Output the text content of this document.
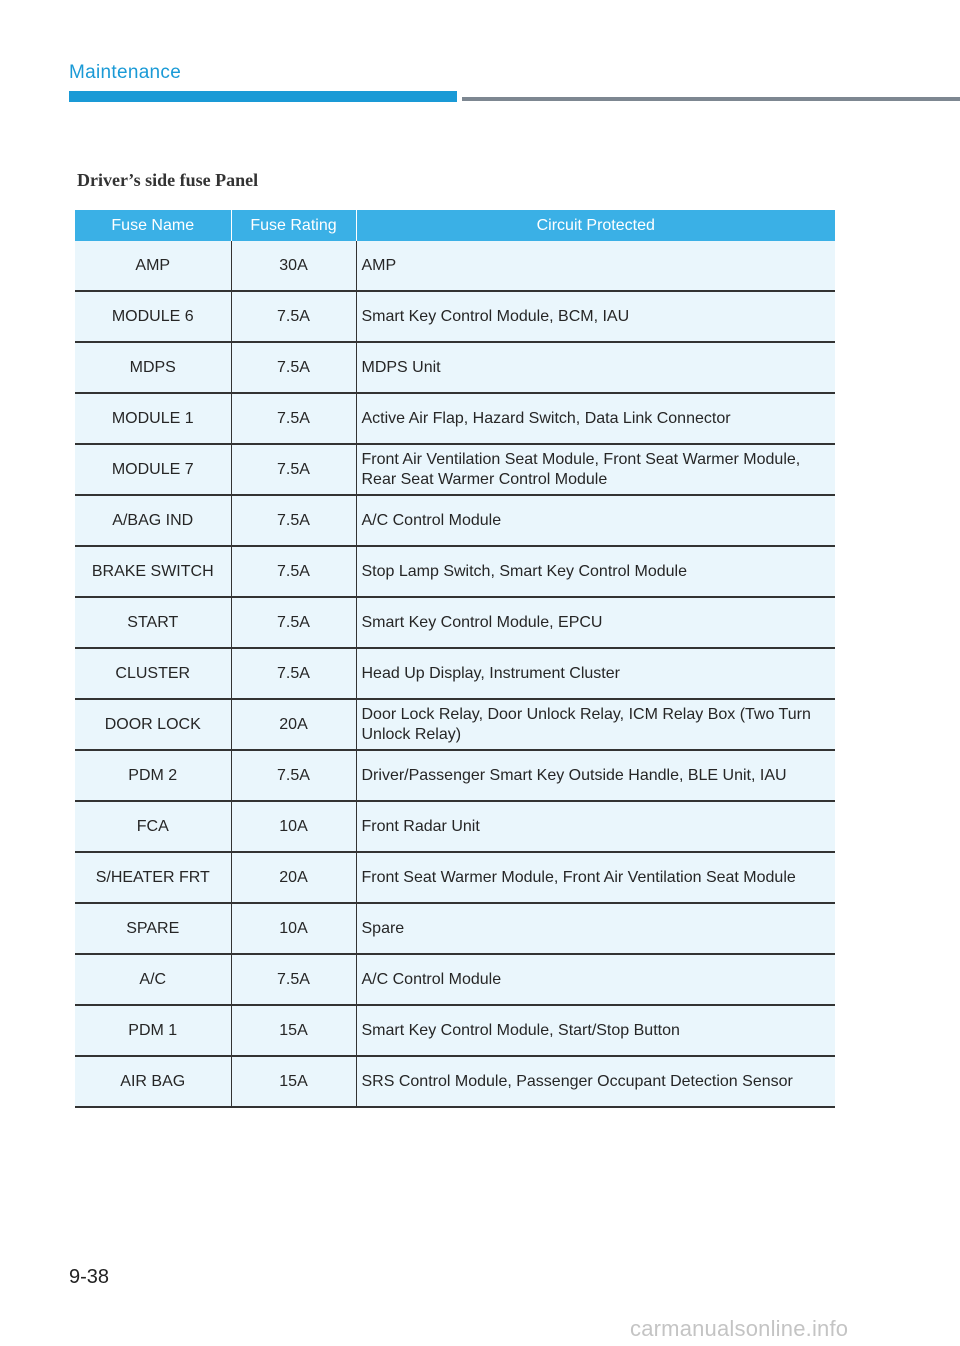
Maintenance
Driver’s side fuse Panel
Fuse Name	Fuse Rating	Circuit Protected
AMP	30A	AMP
MODULE 6	7.5A	Smart Key Control Module, BCM, IAU
MDPS	7.5A	MDPS Unit
MODULE 1	7.5A	Active Air Flap, Hazard Switch, Data Link Connector
MODULE 7	7.5A	Front Air Ventilation Seat Module, Front Seat Warmer Module, Rear Seat Warmer Control Module
A/BAG IND	7.5A	A/C Control Module
BRAKE SWITCH	7.5A	Stop Lamp Switch, Smart Key Control Module
START	7.5A	Smart Key Control Module, EPCU
CLUSTER	7.5A	Head Up Display, Instrument Cluster
DOOR LOCK	20A	Door Lock Relay, Door Unlock Relay, ICM Relay Box (Two Turn Unlock Relay)
PDM 2	7.5A	Driver/Passenger Smart Key Outside Handle, BLE Unit, IAU
FCA	10A	Front Radar Unit
S/HEATER FRT	20A	Front Seat Warmer Module, Front Air Ventilation Seat Module
SPARE	10A	Spare
A/C	7.5A	A/C Control Module
PDM 1	15A	Smart Key Control Module, Start/Stop Button
AIR BAG	15A	SRS Control Module, Passenger Occupant Detection Sensor
9-38
carmanualsonline.info
